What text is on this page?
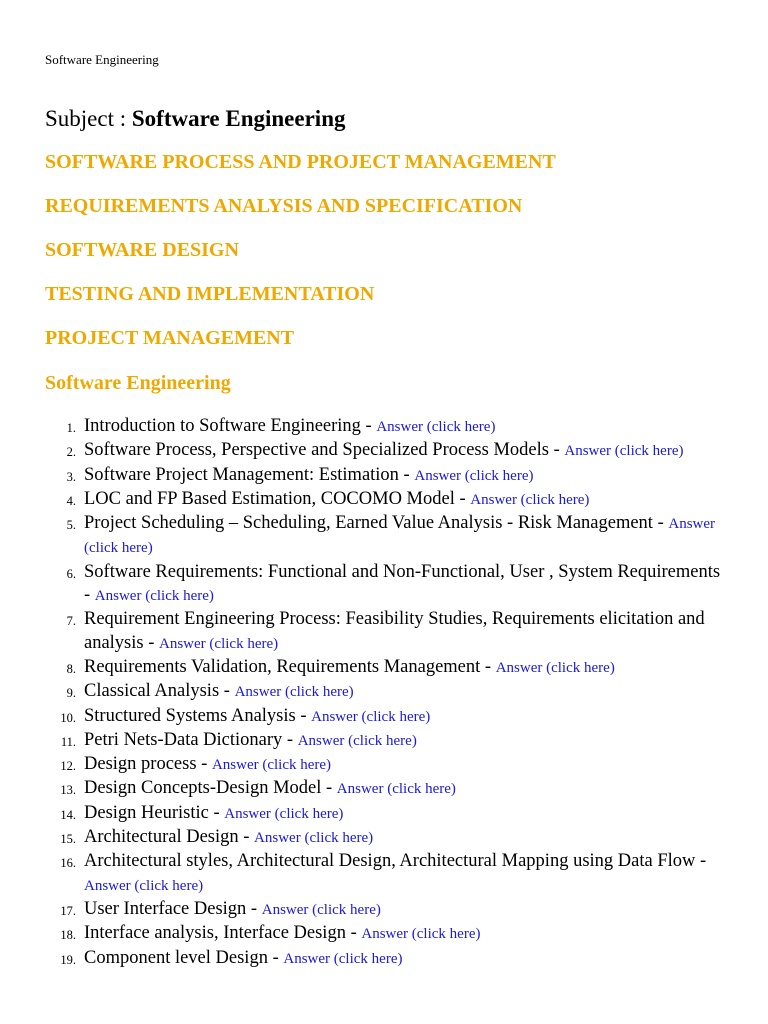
Software Engineering
Subject : Software Engineering
SOFTWARE PROCESS AND PROJECT MANAGEMENT
REQUIREMENTS ANALYSIS AND SPECIFICATION
SOFTWARE DESIGN
TESTING AND IMPLEMENTATION
PROJECT MANAGEMENT
Software Engineering
1. Introduction to Software Engineering - Answer (click here)
2. Software Process, Perspective and Specialized Process Models - Answer (click here)
3. Software Project Management: Estimation - Answer (click here)
4. LOC and FP Based Estimation, COCOMO Model - Answer (click here)
5. Project Scheduling – Scheduling, Earned Value Analysis - Risk Management - Answer (click here)
6. Software Requirements: Functional and Non-Functional, User , System Requirements - Answer (click here)
7. Requirement Engineering Process: Feasibility Studies, Requirements elicitation and analysis - Answer (click here)
8. Requirements Validation, Requirements Management - Answer (click here)
9. Classical Analysis - Answer (click here)
10. Structured Systems Analysis - Answer (click here)
11. Petri Nets-Data Dictionary - Answer (click here)
12. Design process - Answer (click here)
13. Design Concepts-Design Model - Answer (click here)
14. Design Heuristic - Answer (click here)
15. Architectural Design - Answer (click here)
16. Architectural styles, Architectural Design, Architectural Mapping using Data Flow - Answer (click here)
17. User Interface Design - Answer (click here)
18. Interface analysis, Interface Design - Answer (click here)
19. Component level Design - Answer (click here)
